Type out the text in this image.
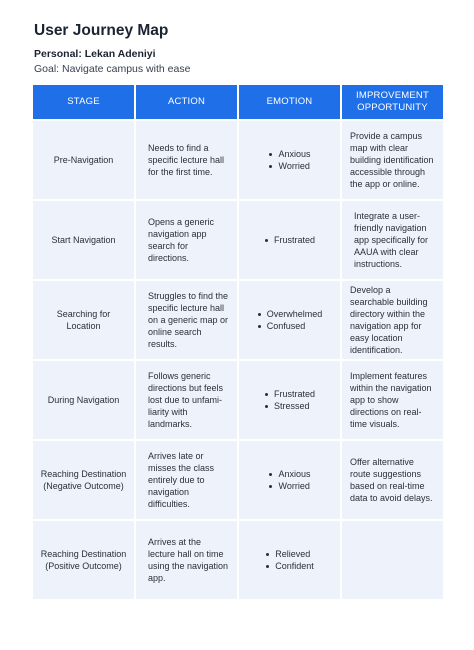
User Journey Map
Personal: Lekan Adeniyi
Goal: Navigate campus with ease
STAGE	ACTION	EMOTION
IMPROVEMENT OPPORTUNITY
Pre-Navigation
Needs to find a specific lecture hall for the first time.
Anxious
Worried
Provide a campus map with clear building identification accessible through the app or online.
Start Navigation
Opens a generic navigation app search for directions.
Frustrated
Integrate a user-friendly navigation app specifically for AAUA with clear instructions.
Searching for Location
Struggles to find the specific lecture hall on a generic map or online search results.
Overwhelmed
Confused
Develop a searchable building directory within the navigation app for easy location identification.
During Navigation
Follows generic directions but feels lost due to unfami-liarity with landmarks.
Frustrated
Stressed
Implement features within the navigation app to show directions on real-time visuals.
Reaching Destination (Negative Outcome)
Arrives late or misses the class entirely due to navigation difficulties.
Anxious
Worried
Offer alternative route suggestions based on real-time data to avoid delays.
Reaching Destination (Positive Outcome)
Arrives at the lecture hall on time using the navigation app.
Relieved
Confident
